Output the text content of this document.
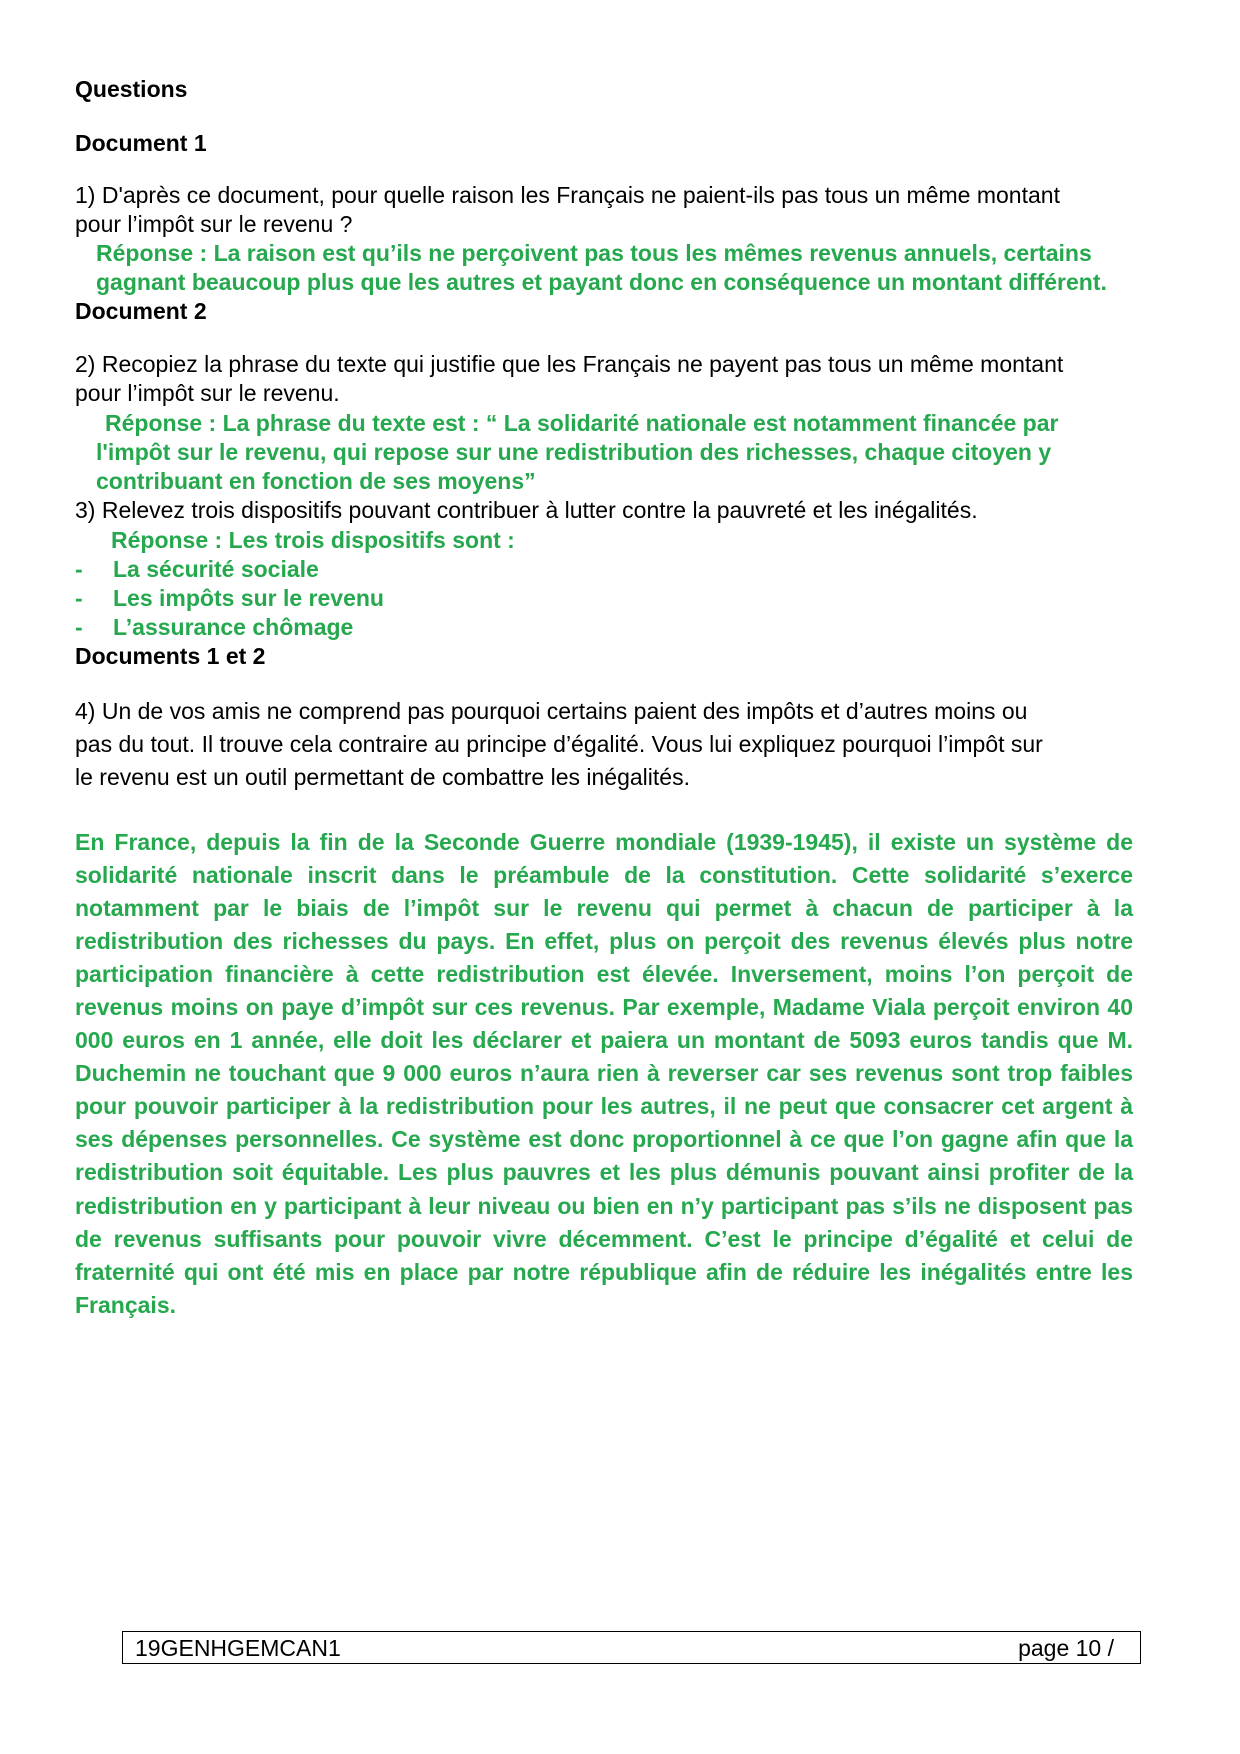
Questions
Document 1
1) D'après ce document, pour quelle raison les Français ne paient-ils pas tous un même montant
pour l’impôt sur le revenu ?
Réponse : La raison est qu’ils ne perçoivent pas tous les mêmes revenus annuels, certains
gagnant beaucoup plus que les autres et payant donc en conséquence un montant différent.
Document 2
2) Recopiez la phrase du texte qui justifie que les Français ne payent pas tous un même montant
pour l’impôt sur le revenu.
Réponse : La phrase du texte est : “ La solidarité nationale est notamment financée par
l'impôt sur le revenu, qui repose sur une redistribution des richesses, chaque citoyen y
contribuant en fonction de ses moyens”
3) Relevez trois dispositifs pouvant contribuer à lutter contre la pauvreté et les inégalités.
Réponse : Les trois dispositifs sont :
- La sécurité sociale
- Les impôts sur le revenu
- L’assurance chômage
Documents 1 et 2
4) Un de vos amis ne comprend pas pourquoi certains paient des impôts et d’autres moins ou
pas du tout. Il trouve cela contraire au principe d’égalité. Vous lui expliquez pourquoi l’impôt sur
le revenu est un outil permettant de combattre les inégalités.

En France, depuis la fin de la Seconde Guerre mondiale (1939-1945), il existe un système de solidarité nationale inscrit dans le préambule de la constitution. Cette solidarité s’exerce notamment par le biais de l’impôt sur le revenu qui permet à chacun de participer à la redistribution des richesses du pays. En effet, plus on perçoit des revenus élevés plus notre participation financière à cette redistribution est élevée. Inversement, moins l’on perçoit de revenus moins on paye d’impôt sur ces revenus. Par exemple, Madame Viala perçoit environ 40 000 euros en 1 année, elle doit les déclarer et paiera un montant de 5093 euros tandis que M. Duchemin ne touchant que 9 000 euros n’aura rien à reverser car ses revenus sont trop faibles pour pouvoir participer à la redistribution pour les autres, il ne peut que consacrer cet argent à ses dépenses personnelles. Ce système est donc proportionnel à ce que l’on gagne afin que la redistribution soit équitable. Les plus pauvres et les plus démunis pouvant ainsi profiter de la redistribution en y participant à leur niveau ou bien en n’y participant pas s’ils ne disposent pas de revenus suffisants pour pouvoir vivre décemment. C’est le principe d’égalité et celui de fraternité qui ont été mis en place par notre république afin de réduire les inégalités entre les Français.

19GENHGEMCAN1	page 10 /
